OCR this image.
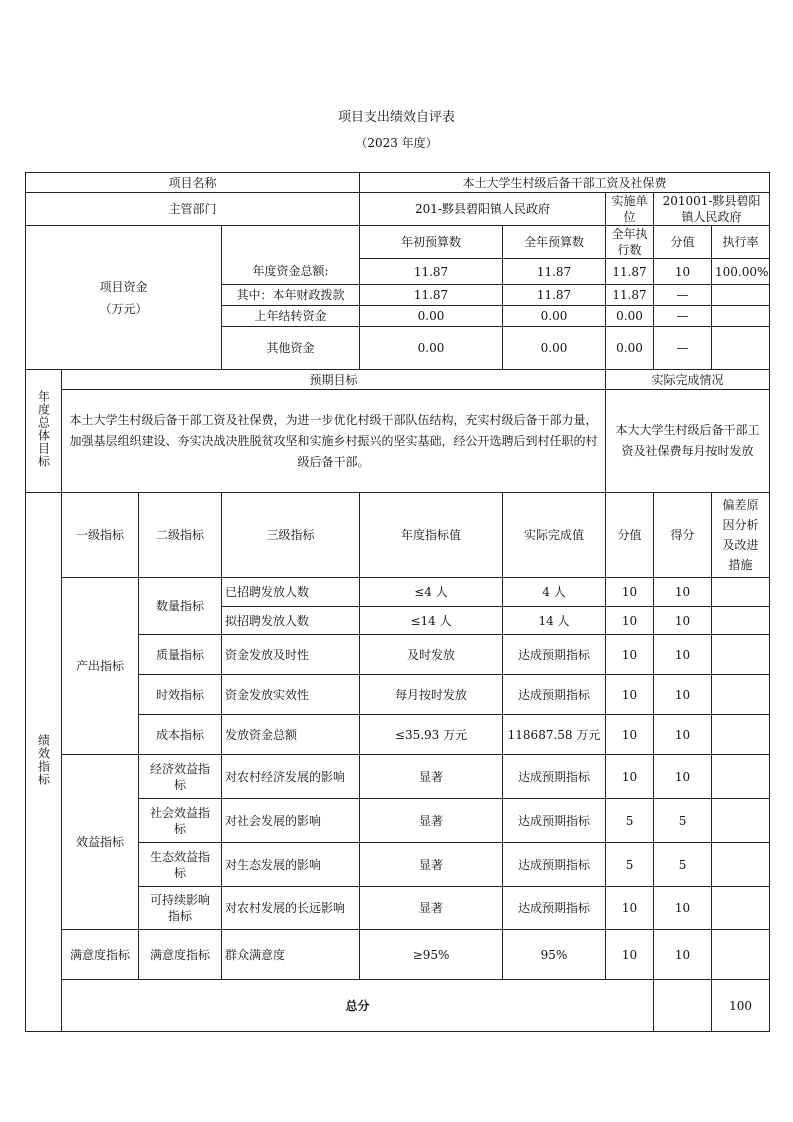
项目支出绩效自评表
（2023 年度）
项目名称				本土大学生村级后备干部工资及社保费					
主管部门				201-黟县碧阳镇人民政府		实施单位	201001-黟县碧阳镇人民政府		

项目资金
（万元）				年初预算数	全年预算数	全年执行数	分值	执行率	
			年度资金总额:	11.87	11.87	11.87	10	100.00%	
			其中：本年财政拨款	11.87	11.87	11.87	—		
			上年结转资金	0.00	0.00	0.00	—		
			其他资金	0.00	0.00	0.00	—		
年度总体目标	预期目标					实际完成情况			
	本土大学生村级后备干部工资及社保费，为进一步优化村级干部队伍结构，充实村级后备干部力量，加强基层组织建设、夯实决战决胜脱贫攻坚和实施乡村振兴的坚实基础，经公开选聘后到村任职的村级后备干部。					本大大学生村级后备干部工资及社保费每月按时发放			
绩效指标	一级指标	二级指标	三级指标	年度指标值	实际完成值	分值	得分	偏差原因分析及改进措施	
	产出指标	数量指标	已招聘发放人数	≤4 人	4 人	10	10		
			拟招聘发放人数	≤14 人	14 人	10	10		
		质量指标	资金发放及时性	及时发放	达成预期指标	10	10		
		时效指标	资金发放实效性	每月按时发放	达成预期指标	10	10		
		成本指标	发放资金总额	≤35.93 万元	118687.58 万元	10	10		
	效益指标	经济效益指标	对农村经济发展的影响	显著	达成预期指标	10	10		
		社会效益指标	对社会发展的影响	显著	达成预期指标	5	5		
		生态效益指标	对生态发展的影响	显著	达成预期指标	5	5		
		可持续影响指标	对农村发展的长远影响	显著	达成预期指标	10	10		
	满意度指标	满意度指标	群众满意度	≥95%	95%	10	10		
	总分							100	
